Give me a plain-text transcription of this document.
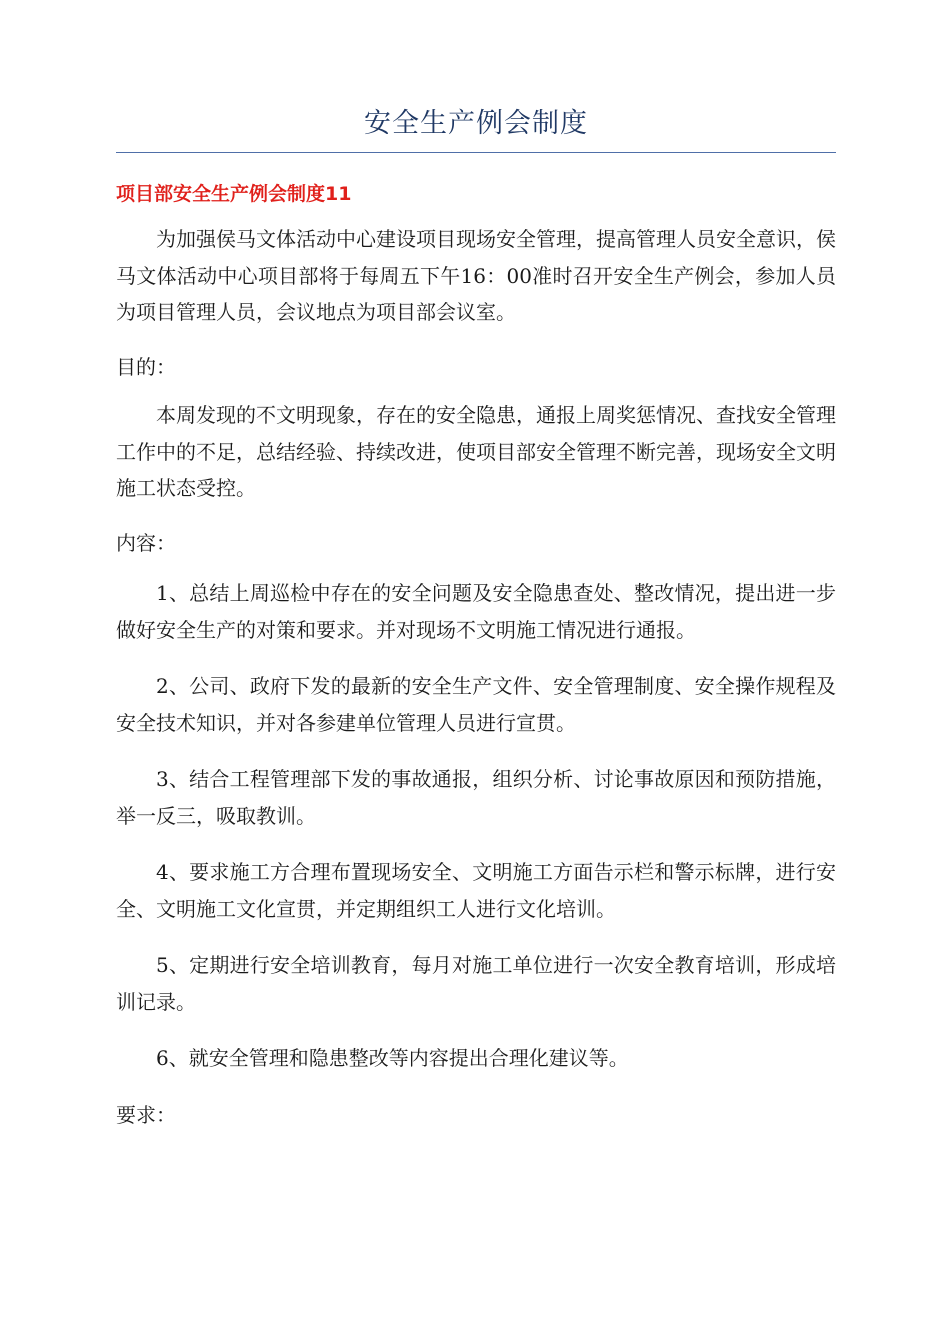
安全生产例会制度
项目部安全生产例会制度11

为加强侯马文体活动中心建设项目现场安全管理，提高管理人员安全意识，侯马文体活动中心项目部将于每周五下午16：00准时召开安全生产例会，参加人员为项目管理人员，会议地点为项目部会议室。

目的：

本周发现的不文明现象，存在的安全隐患，通报上周奖惩情况、查找安全管理工作中的不足，总结经验、持续改进，使项目部安全管理不断完善，现场安全文明施工状态受控。

内容：

1、总结上周巡检中存在的安全问题及安全隐患查处、整改情况，提出进一步做好安全生产的对策和要求。并对现场不文明施工情况进行通报。

2、公司、政府下发的最新的安全生产文件、安全管理制度、安全操作规程及安全技术知识，并对各参建单位管理人员进行宣贯。

3、结合工程管理部下发的事故通报，组织分析、讨论事故原因和预防措施，举一反三，吸取教训。

4、要求施工方合理布置现场安全、文明施工方面告示栏和警示标牌，进行安全、文明施工文化宣贯，并定期组织工人进行文化培训。

5、定期进行安全培训教育，每月对施工单位进行一次安全教育培训，形成培训记录。

6、就安全管理和隐患整改等内容提出合理化建议等。

要求：
